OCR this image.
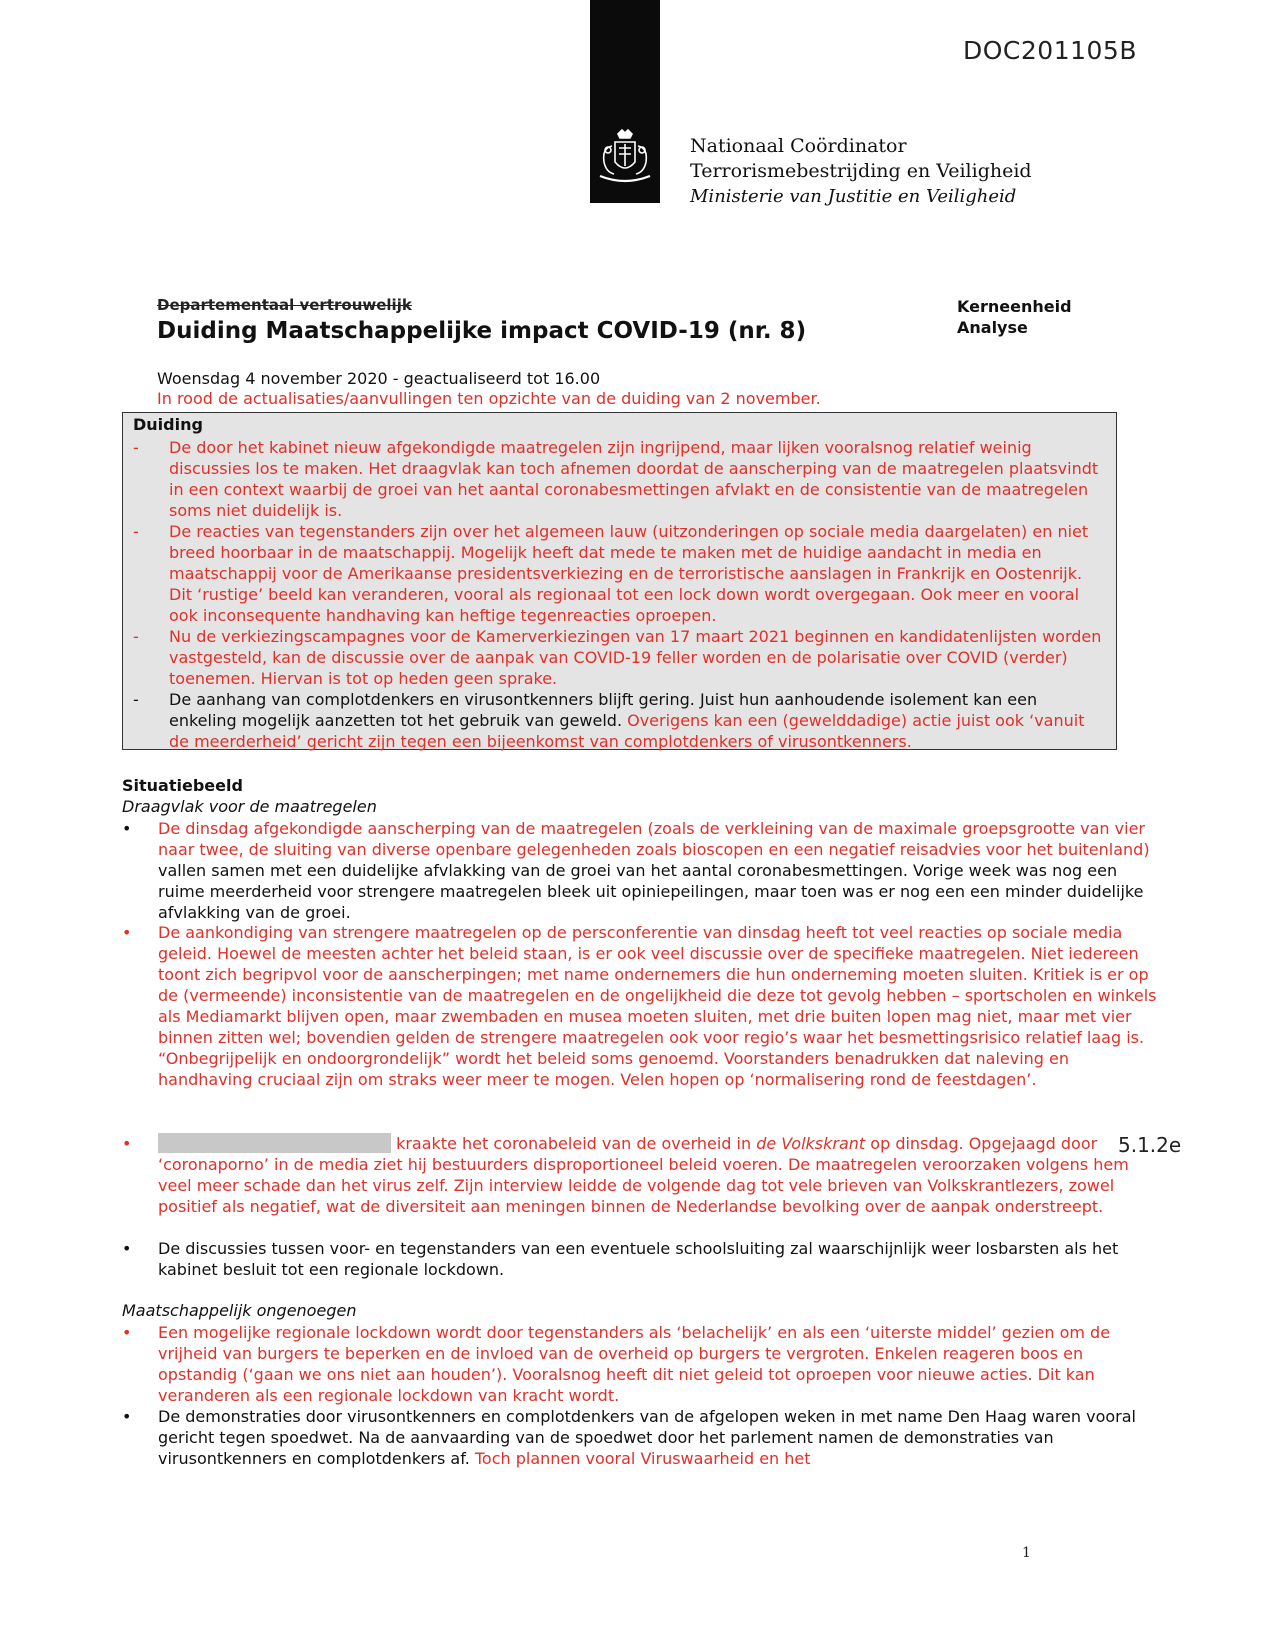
DOC201105B
Nationaal Coördinator
Terrorismebestrijding en Veiligheid
Ministerie van Justitie en Veiligheid
Departementaal vertrouwelijk
Duiding Maatschappelijke impact COVID-19 (nr. 8)
Kerneenheid
Analyse
Woensdag 4 november 2020 - geactualiseerd tot 16.00
In rood de actualisaties/aanvullingen ten opzichte van de duiding van 2 november.
Duiding
- De door het kabinet nieuw afgekondigde maatregelen zijn ingrijpend, maar lijken vooralsnog relatief weinig discussies los te maken. Het draagvlak kan toch afnemen doordat de aanscherping van de maatregelen plaatsvindt in een context waarbij de groei van het aantal coronabesmettingen afvlakt en de consistentie van de maatregelen soms niet duidelijk is.
- De reacties van tegenstanders zijn over het algemeen lauw (uitzonderingen op sociale media daargelaten) en niet breed hoorbaar in de maatschappij. Mogelijk heeft dat mede te maken met de huidige aandacht in media en maatschappij voor de Amerikaanse presidentsverkiezing en de terroristische aanslagen in Frankrijk en Oostenrijk. Dit ‘rustige’ beeld kan veranderen, vooral als regionaal tot een lock down wordt overgegaan. Ook meer en vooral ook inconsequente handhaving kan heftige tegenreacties oproepen.
- Nu de verkiezingscampagnes voor de Kamerverkiezingen van 17 maart 2021 beginnen en kandidatenlijsten worden vastgesteld, kan de discussie over de aanpak van COVID-19 feller worden en de polarisatie over COVID (verder) toenemen. Hiervan is tot op heden geen sprake.
- De aanhang van complotdenkers en virusontkenners blijft gering. Juist hun aanhoudende isolement kan een enkeling mogelijk aanzetten tot het gebruik van geweld. Overigens kan een (gewelddadige) actie juist ook ‘vanuit de meerderheid’ gericht zijn tegen een bijeenkomst van complotdenkers of virusontkenners.
Situatiebeeld
Draagvlak voor de maatregelen
• De dinsdag afgekondigde aanscherping van de maatregelen (zoals de verkleining van de maximale groepsgrootte van vier naar twee, de sluiting van diverse openbare gelegenheden zoals bioscopen en een negatief reisadvies voor het buitenland) vallen samen met een duidelijke afvlakking van de groei van het aantal coronabesmettingen. Vorige week was nog een ruime meerderheid voor strengere maatregelen bleek uit opiniepeilingen, maar toen was er nog een een minder duidelijke afvlakking van de groei.
• De aankondiging van strengere maatregelen op de persconferentie van dinsdag heeft tot veel reacties op sociale media geleid. Hoewel de meesten achter het beleid staan, is er ook veel discussie over de specifieke maatregelen. Niet iedereen toont zich begripvol voor de aanscherpingen; met name ondernemers die hun onderneming moeten sluiten. Kritiek is er op de (vermeende) inconsistentie van de maatregelen en de ongelijkheid die deze tot gevolg hebben – sportscholen en winkels als Mediamarkt blijven open, maar zwembaden en musea moeten sluiten, met drie buiten lopen mag niet, maar met vier binnen zitten wel; bovendien gelden de strengere maatregelen ook voor regio’s waar het besmettingsrisico relatief laag is. “Onbegrijpelijk en ondoorgrondelijk” wordt het beleid soms genoemd. Voorstanders benadrukken dat naleving en handhaving cruciaal zijn om straks weer meer te mogen. Velen hopen op ‘normalisering rond de feestdagen’.
•	kraakte het coronabeleid van de overheid in de Volkskrant op dinsdag. Opgejaagd door ‘coronaporno’ in de media ziet hij bestuurders disproportioneel beleid voeren. De maatregelen veroorzaken volgens hem veel meer schade dan het virus zelf. Zijn interview leidde de volgende dag tot vele brieven van Volkskrantlezers, zowel positief als negatief, wat de diversiteit aan meningen binnen de Nederlandse bevolking over de aanpak onderstreept.
5.1.2e
• De discussies tussen voor- en tegenstanders van een eventuele schoolsluiting zal waarschijnlijk weer losbarsten als het kabinet besluit tot een regionale lockdown.
Maatschappelijk ongenoegen
• Een mogelijke regionale lockdown wordt door tegenstanders als ‘belachelijk’ en als een ‘uiterste middel’ gezien om de vrijheid van burgers te beperken en de invloed van de overheid op burgers te vergroten. Enkelen reageren boos en opstandig (‘gaan we ons niet aan houden’). Vooralsnog heeft dit niet geleid tot oproepen voor nieuwe acties. Dit kan veranderen als een regionale lockdown van kracht wordt.
• De demonstraties door virusontkenners en complotdenkers van de afgelopen weken in met name Den Haag waren vooral gericht tegen spoedwet. Na de aanvaarding van de spoedwet door het parlement namen de demonstraties van virusontkenners en complotdenkers af. Toch plannen vooral Viruswaarheid en het
1
